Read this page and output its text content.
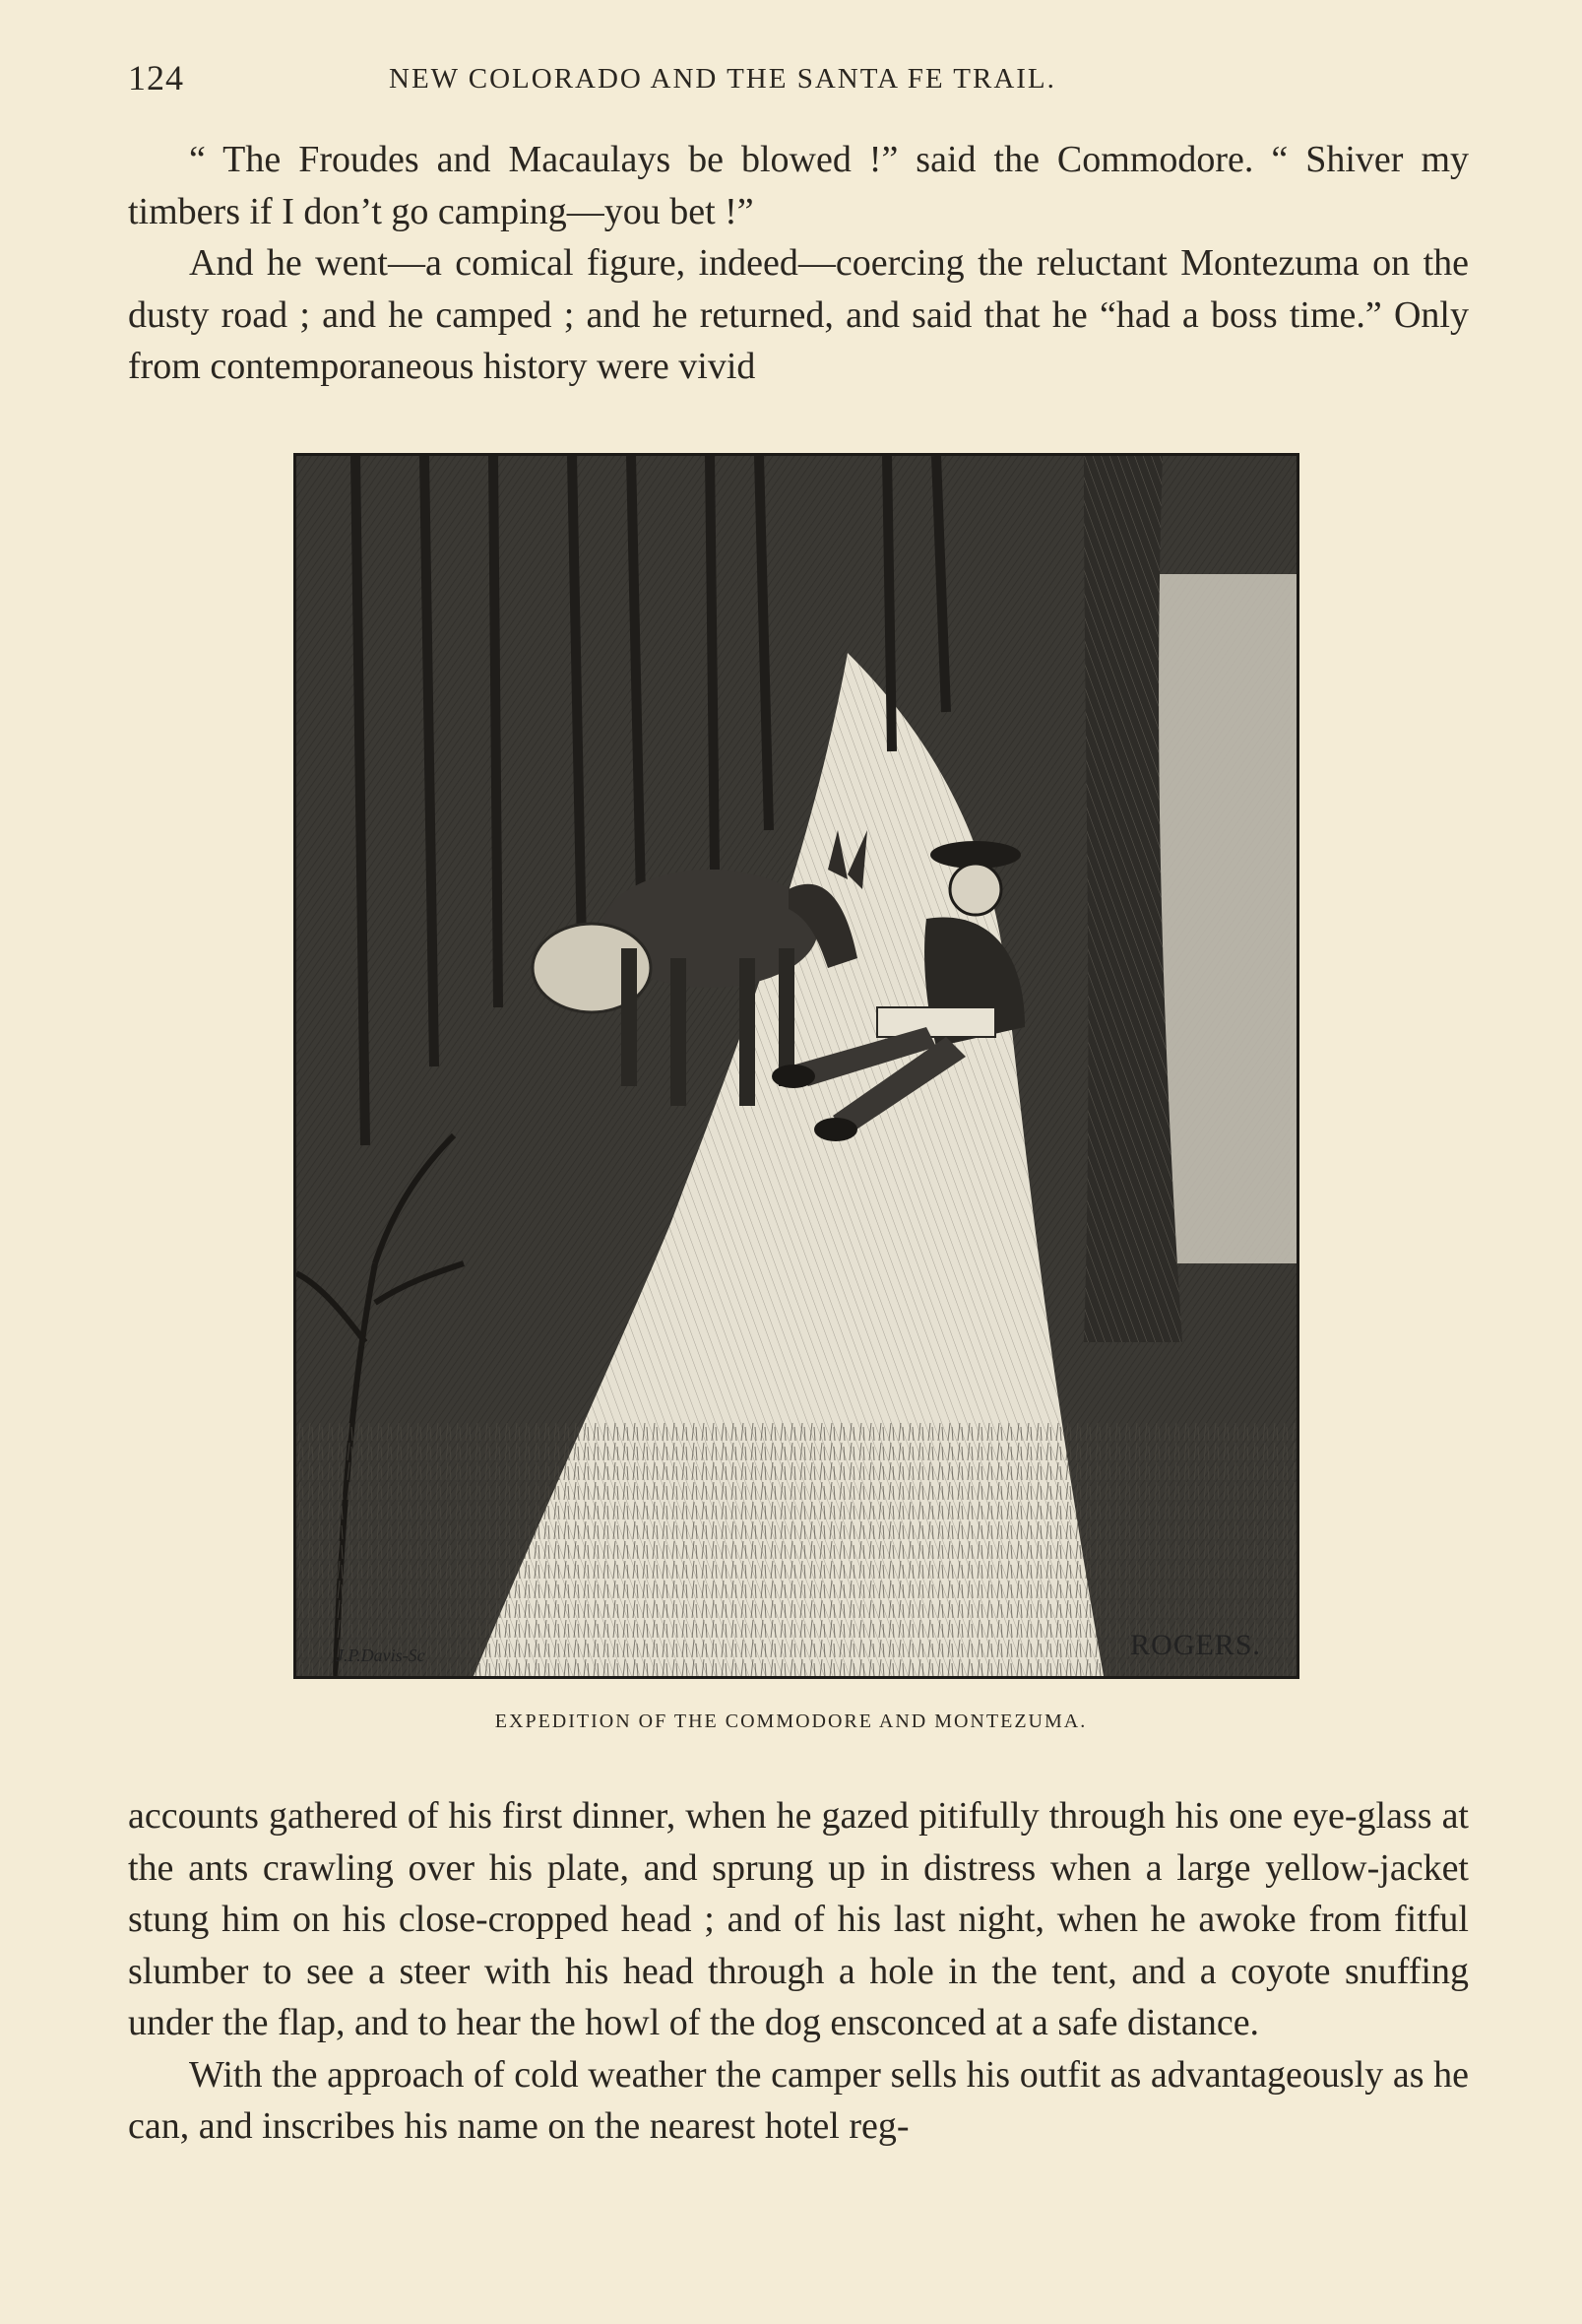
124	NEW COLORADO AND THE SANTA FE TRAIL.

“ The Froudes and Macaulays be blowed !” said the Commodore. “ Shiver my timbers if I don’t go camping—you bet !”

And he went—a comical figure, indeed—coercing the reluctant Montezuma on the dusty road ; and he camped ; and he returned, and said that he “had a boss time.” Only from contemporaneous history were vivid

J.P.Davis-Sc	ROGERS.
EXPEDITION OF THE COMMODORE AND MONTEZUMA.

accounts gathered of his first dinner, when he gazed pitifully through his one eye-glass at the ants crawling over his plate, and sprung up in distress when a large yellow-jacket stung him on his close-cropped head ; and of his last night, when he awoke from fitful slumber to see a steer with his head through a hole in the tent, and a coyote snuffing under the flap, and to hear the howl of the dog ensconced at a safe distance.

With the approach of cold weather the camper sells his outfit as advantageously as he can, and inscribes his name on the nearest hotel reg-
